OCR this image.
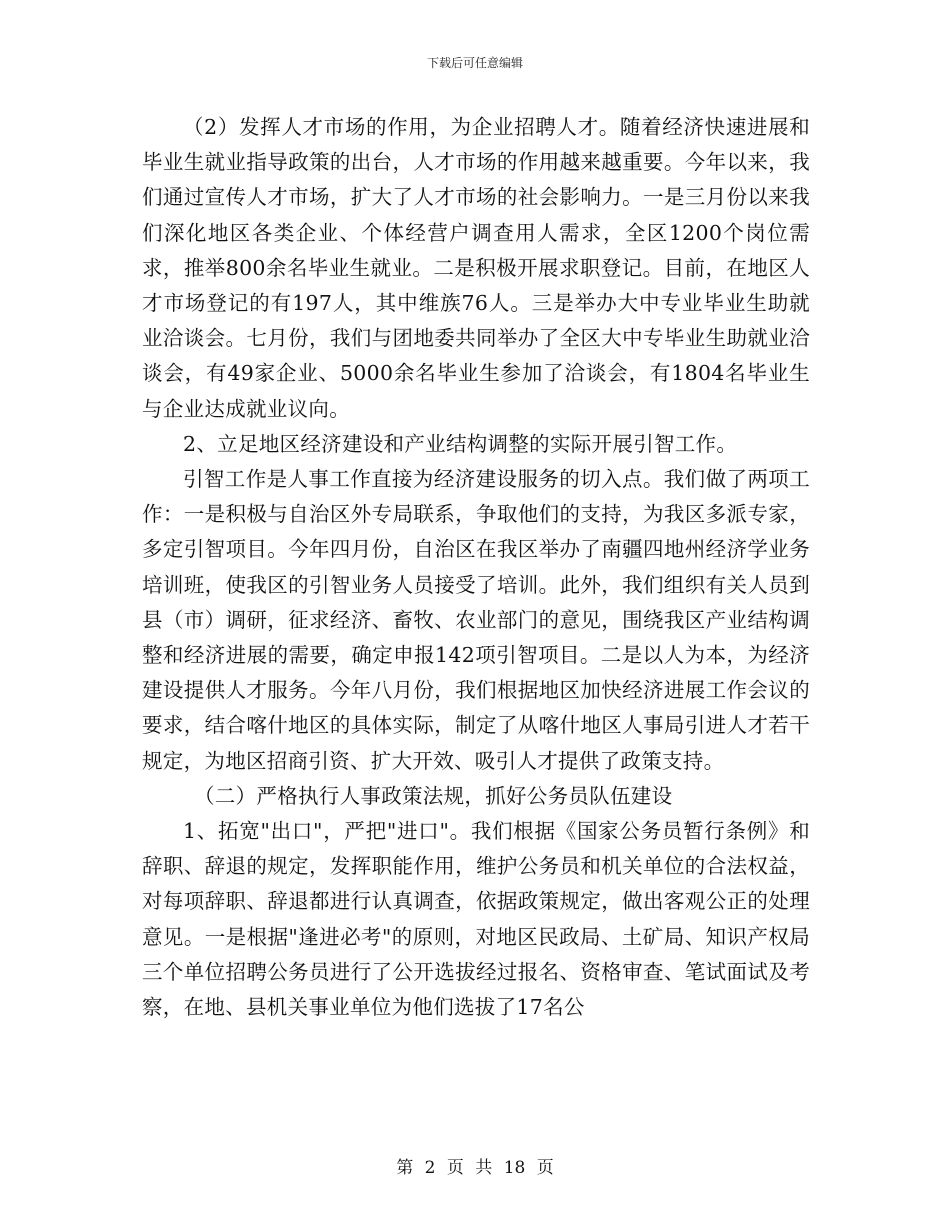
下载后可任意编辑

（2）发挥人才市场的作用，为企业招聘人才。随着经济快速进展和毕业生就业指导政策的出台，人才市场的作用越来越重要。今年以来，我们通过宣传人才市场，扩大了人才市场的社会影响力。一是三月份以来我们深化地区各类企业、个体经营户调查用人需求，全区1200个岗位需求，推举800余名毕业生就业。二是积极开展求职登记。目前，在地区人才市场登记的有197人，其中维族76人。三是举办大中专业毕业生助就业洽谈会。七月份，我们与团地委共同举办了全区大中专毕业生助就业洽谈会，有49家企业、5000余名毕业生参加了洽谈会，有1804名毕业生与企业达成就业议向。

2、立足地区经济建设和产业结构调整的实际开展引智工作。

引智工作是人事工作直接为经济建设服务的切入点。我们做了两项工作：一是积极与自治区外专局联系，争取他们的支持，为我区多派专家，多定引智项目。今年四月份，自治区在我区举办了南疆四地州经济学业务培训班，使我区的引智业务人员接受了培训。此外，我们组织有关人员到县（市）调研，征求经济、畜牧、农业部门的意见，围绕我区产业结构调整和经济进展的需要，确定申报142项引智项目。二是以人为本，为经济建设提供人才服务。今年八月份，我们根据地区加快经济进展工作会议的要求，结合喀什地区的具体实际，制定了从喀什地区人事局引进人才若干规定，为地区招商引资、扩大开效、吸引人才提供了政策支持。

（二）严格执行人事政策法规，抓好公务员队伍建设

1、拓宽"出口"，严把"进口"。我们根据《国家公务员暂行条例》和辞职、辞退的规定，发挥职能作用，维护公务员和机关单位的合法权益，对每项辞职、辞退都进行认真调查，依据政策规定，做出客观公正的处理意见。一是根据"逢进必考"的原则，对地区民政局、土矿局、知识产权局三个单位招聘公务员进行了公开选拔经过报名、资格审查、笔试面试及考察，在地、县机关事业单位为他们选拔了17名公

第 2 页 共 18 页
